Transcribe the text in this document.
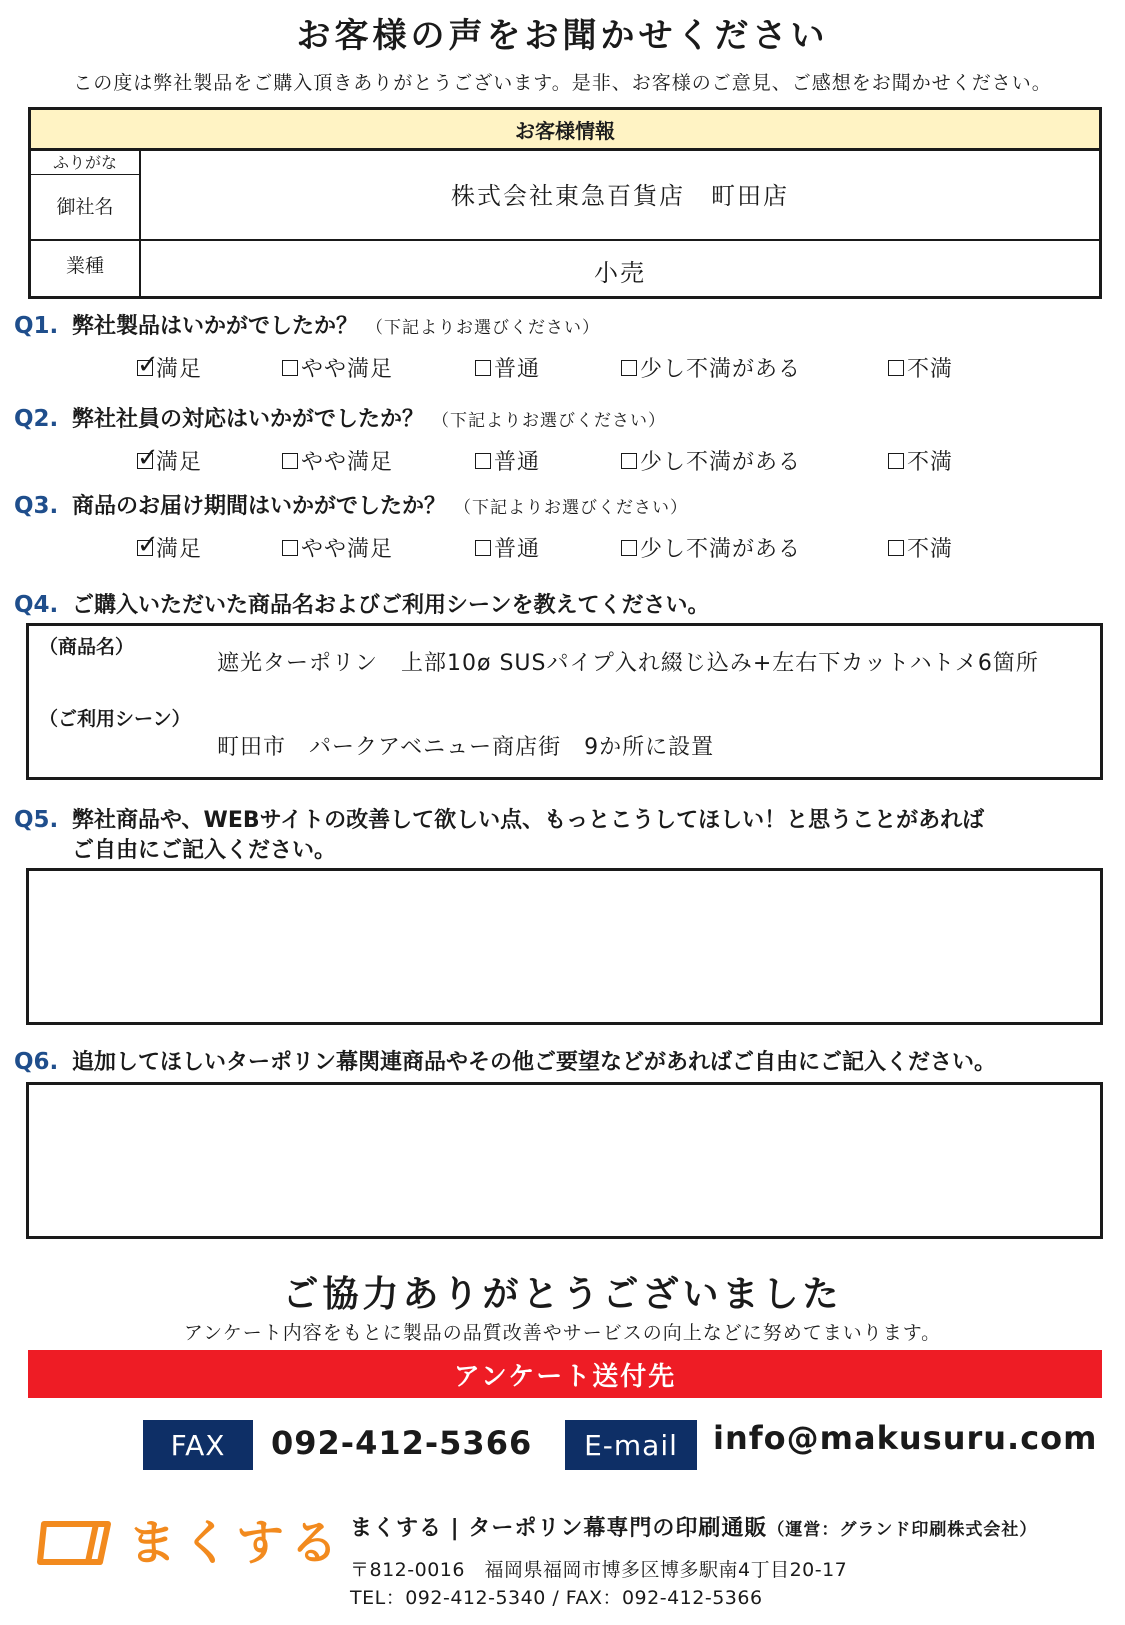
お客様の声をお聞かせください
この度は弊社製品をご購入頂きありがとうございます。是非、お客様のご意見、ご感想をお聞かせください。
お客様情報
ふりがな
御社名	株式会社東急百貨店　町田店
業種	小売
Q1. 弊社製品はいかがでしたか？ （下記よりお選びください）
✓
満足	やや満足	普通	少し不満がある	不満
Q2. 弊社社員の対応はいかがでしたか？ （下記よりお選びください）
✓
満足	やや満足	普通	少し不満がある	不満
Q3. 商品のお届け期間はいかがでしたか？ （下記よりお選びください）
✓
満足	やや満足	普通	少し不満がある	不満
Q4. ご購入いただいた商品名およびご利用シーンを教えてください。
（商品名）
遮光ターポリン　上部10ø SUSパイプ入れ綴じ込み+左右下カットハトメ6箇所
（ご利用シーン）
町田市　パークアベニュー商店街　9か所に設置
Q5. 弊社商品や、WEBサイトの改善して欲しい点、もっとこうしてほしい！と思うことがあれば
ご自由にご記入ください。
Q6. 追加してほしいターポリン幕関連商品やその他ご要望などがあればご自由にご記入ください。
ご協力ありがとうございました
アンケート内容をもとに製品の品質改善やサービスの向上などに努めてまいります。
アンケート送付先
FAX	092-412-5366	E-mail	info@makusuru.com
まくする まくする | ターポリン幕専門の印刷通販（運営：グランド印刷株式会社）
〒812-0016　福岡県福岡市博多区博多駅南4丁目20-17
TEL：092-412-5340 / FAX：092-412-5366
